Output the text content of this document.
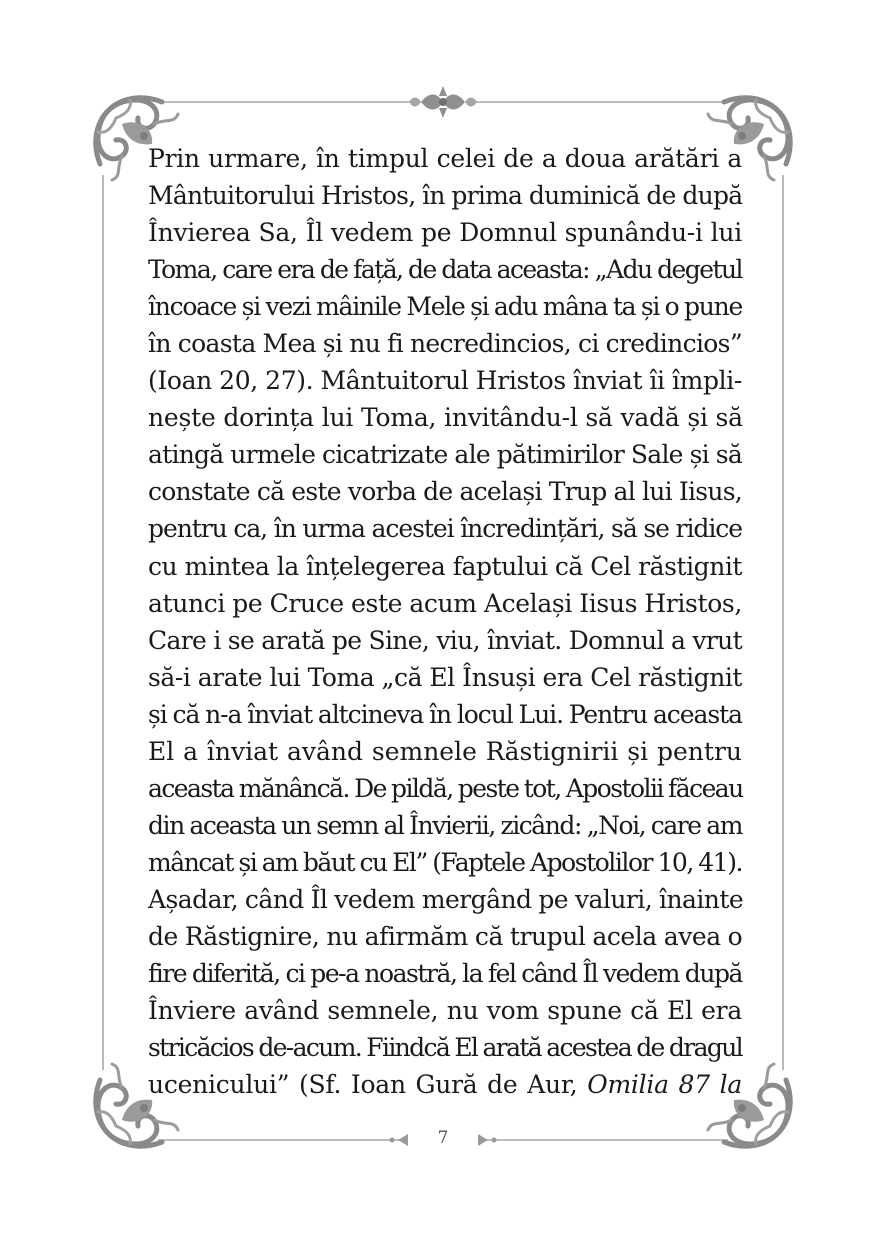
Prin urmare, în timpul celei de a doua arătări a
Mântuitorului Hristos, în prima duminică de după
Învierea Sa, Îl vedem pe Domnul spunându-i lui
Toma, care era de față, de data aceasta: „Adu degetul
încoace și vezi mâinile Mele și adu mâna ta și o pune
în coasta Mea și nu fi necredincios, ci credincios”
(Ioan 20, 27). Mântuitorul Hristos înviat îi împli-
nește dorința lui Toma, invitându-l să vadă și să
atingă urmele cicatrizate ale pătimirilor Sale și să
constate că este vorba de același Trup al lui Iisus,
pentru ca, în urma acestei încredințări, să se ridice
cu mintea la înțelegerea faptului că Cel răstignit
atunci pe Cruce este acum Același Iisus Hristos,
Care i se arată pe Sine, viu, înviat. Domnul a vrut
să-i arate lui Toma „că El Însuși era Cel răstignit
și că n-a înviat altcineva în locul Lui. Pentru aceasta
El a înviat având semnele Răstignirii și pentru
aceasta mănâncă. De pildă, peste tot, Apostolii făceau
din aceasta un semn al Învierii, zicând: „Noi, care am
mâncat și am băut cu El” (Faptele Apostolilor 10, 41).
Așadar, când Îl vedem mergând pe valuri, înainte
de Răstignire, nu afirmăm că trupul acela avea o
fire diferită, ci pe-a noastră, la fel când Îl vedem după
Înviere având semnele, nu vom spune că El era
stricăcios de-acum. Fiindcă El arată acestea de dragul
ucenicului” (Sf. Ioan Gură de Aur, Omilia 87 la
7
